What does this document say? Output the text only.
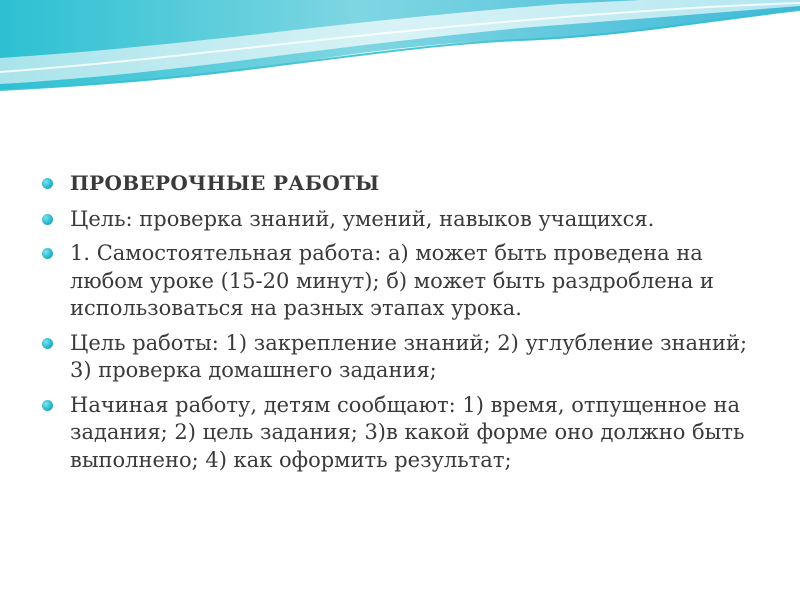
ПРОВЕРОЧНЫЕ РАБОТЫ
Цель: проверка знаний, умений, навыков учащихся.
1. Самостоятельная работа: а) может быть проведена на любом уроке (15-20 минут); б) может быть раздроблена и использоваться на разных этапах урока.
Цель работы: 1) закрепление знаний; 2) углубление знаний; 3) проверка домашнего задания;
Начиная работу, детям сообщают: 1) время, отпущенное на задания; 2) цель задания; 3)в какой форме оно должно быть выполнено; 4) как оформить результат;
